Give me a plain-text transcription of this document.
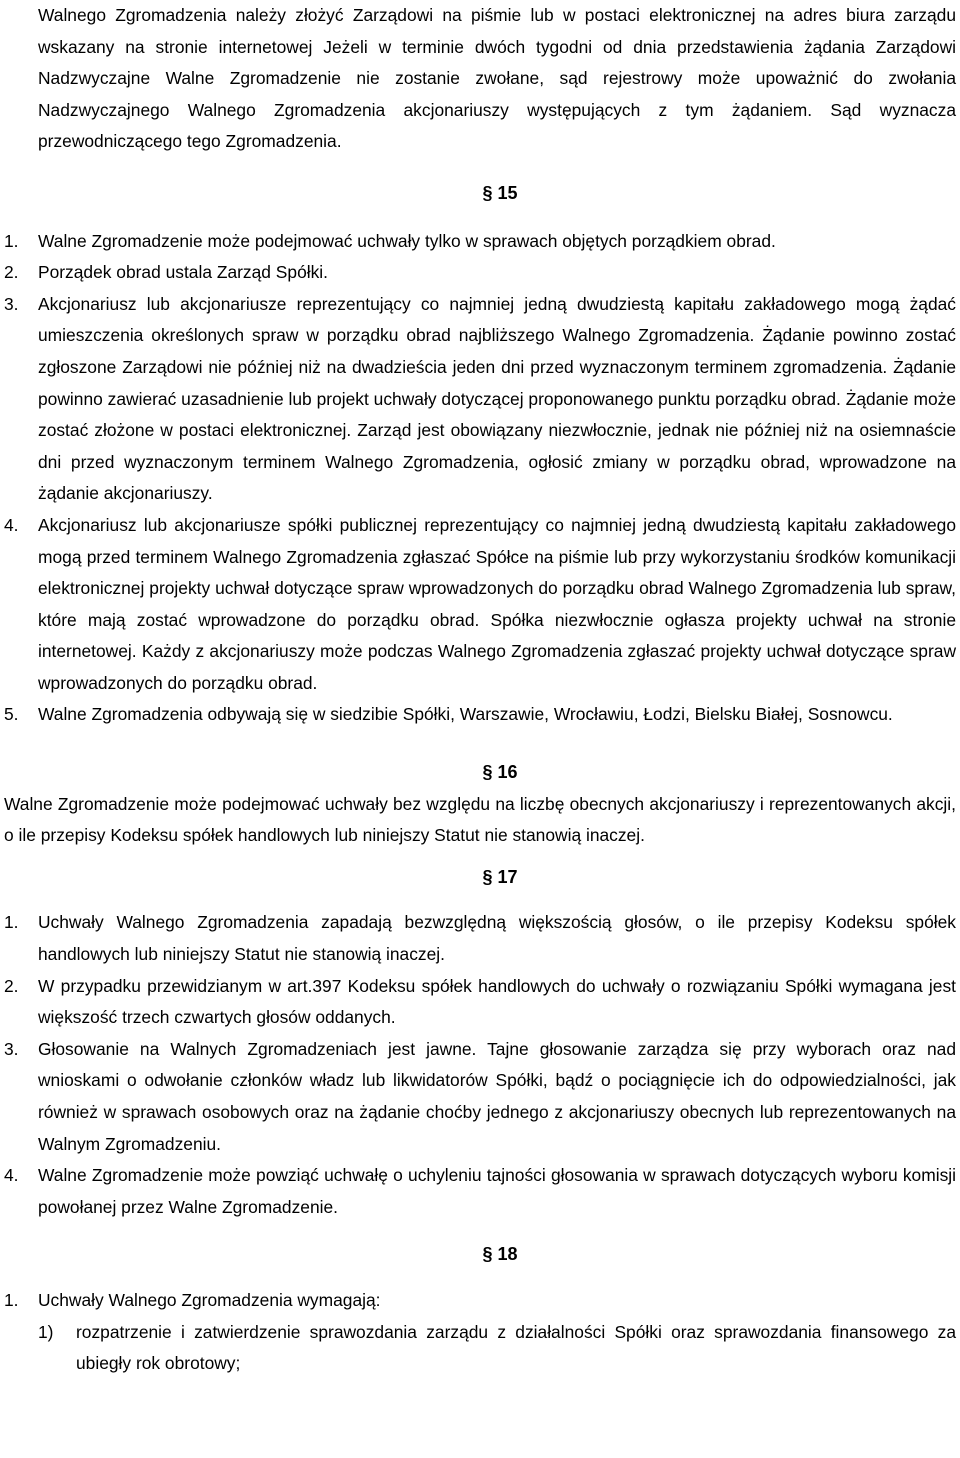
Walnego Zgromadzenia należy złożyć Zarządowi na piśmie lub w postaci elektronicznej na adres biura zarządu wskazany na stronie internetowej Jeżeli w terminie dwóch tygodni od dnia przedstawienia żądania Zarządowi Nadzwyczajne Walne Zgromadzenie nie zostanie zwołane, sąd rejestrowy może upoważnić do zwołania Nadzwyczajnego Walnego Zgromadzenia akcjonariuszy występujących z tym żądaniem. Sąd wyznacza przewodniczącego tego Zgromadzenia.

§ 15

1.	Walne Zgromadzenie może podejmować uchwały tylko w sprawach objętych porządkiem obrad.
2.	Porządek obrad ustala Zarząd Spółki.
3.	Akcjonariusz lub akcjonariusze reprezentujący co najmniej jedną dwudziestą kapitału zakładowego mogą żądać umieszczenia określonych spraw w porządku obrad najbliższego Walnego Zgromadzenia. Żądanie powinno zostać zgłoszone Zarządowi nie później niż na dwadzieścia jeden dni przed wyznaczonym terminem zgromadzenia. Żądanie powinno zawierać uzasadnienie lub projekt uchwały dotyczącej proponowanego punktu porządku obrad. Żądanie może zostać złożone w postaci elektronicznej. Zarząd jest obowiązany niezwłocznie, jednak nie później niż na osiemnaście dni przed wyznaczonym terminem Walnego Zgromadzenia, ogłosić zmiany w porządku obrad, wprowadzone na żądanie akcjonariuszy.
4.	Akcjonariusz lub akcjonariusze spółki publicznej reprezentujący co najmniej jedną dwudziestą kapitału zakładowego mogą przed terminem Walnego Zgromadzenia zgłaszać Spółce na piśmie lub przy wykorzystaniu środków komunikacji elektronicznej projekty uchwał dotyczące spraw wprowadzonych do porządku obrad Walnego Zgromadzenia lub spraw, które mają zostać wprowadzone do porządku obrad. Spółka niezwłocznie ogłasza projekty uchwał na stronie internetowej. Każdy z akcjonariuszy może podczas Walnego Zgromadzenia zgłaszać projekty uchwał dotyczące spraw wprowadzonych do porządku obrad.
5.	Walne Zgromadzenia odbywają się w siedzibie Spółki, Warszawie, Wrocławiu, Łodzi, Bielsku Białej, Sosnowcu.

§ 16

Walne Zgromadzenie może podejmować uchwały bez względu na liczbę obecnych akcjonariuszy i reprezentowanych akcji, o ile przepisy Kodeksu spółek handlowych lub niniejszy Statut nie stanowią inaczej.

§ 17

1.	Uchwały Walnego Zgromadzenia zapadają bezwzględną większością głosów, o ile przepisy Kodeksu spółek handlowych lub niniejszy Statut nie stanowią inaczej.
2.	W przypadku przewidzianym w art.397 Kodeksu spółek handlowych do uchwały o rozwiązaniu Spółki wymagana jest większość trzech czwartych głosów oddanych.
3.	Głosowanie na Walnych Zgromadzeniach jest jawne. Tajne głosowanie zarządza się przy wyborach oraz nad wnioskami o odwołanie członków władz lub likwidatorów Spółki, bądź o pociągnięcie ich do odpowiedzialności, jak również w sprawach osobowych oraz na żądanie choćby jednego z akcjonariuszy obecnych lub reprezentowanych na Walnym Zgromadzeniu.
4.	Walne Zgromadzenie może powziąć uchwałę o uchyleniu tajności głosowania w sprawach dotyczących wyboru komisji powołanej przez Walne Zgromadzenie.

§ 18

1.	Uchwały Walnego Zgromadzenia wymagają:
1)	rozpatrzenie i zatwierdzenie sprawozdania zarządu z działalności Spółki oraz sprawozdania finansowego za ubiegły rok obrotowy;
